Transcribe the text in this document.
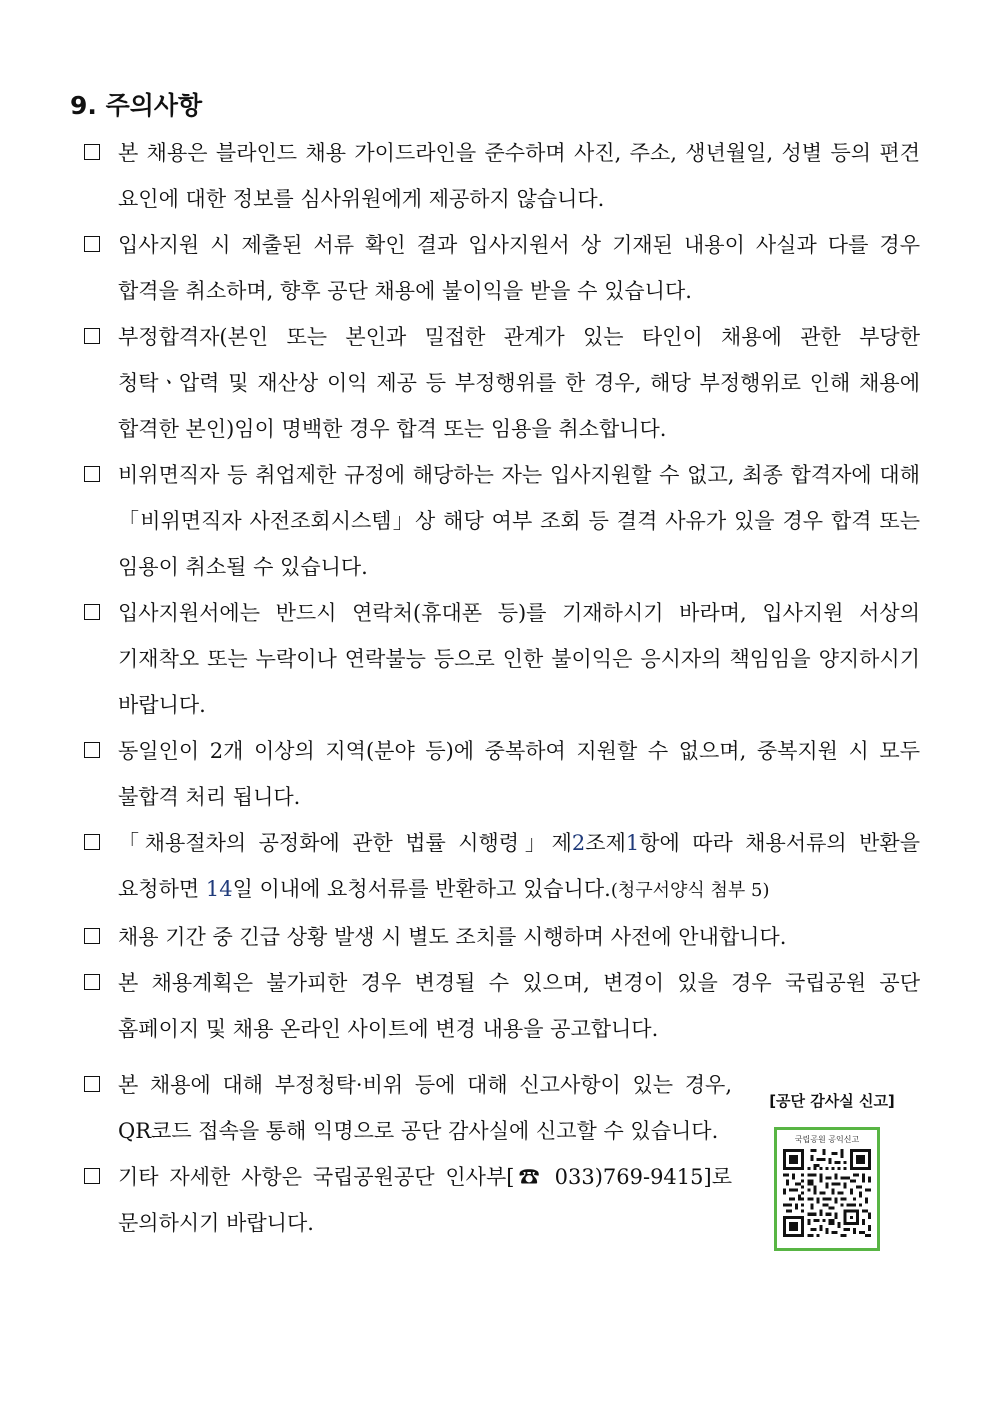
9. 주의사항
본 채용은 블라인드 채용 가이드라인을 준수하며 사진, 주소, 생년월일, 성별 등의 편견 요인에 대한 정보를 심사위원에게 제공하지 않습니다.
입사지원 시 제출된 서류 확인 결과 입사지원서 상 기재된 내용이 사실과 다를 경우 합격을 취소하며, 향후 공단 채용에 불이익을 받을 수 있습니다.
부정합격자(본인 또는 본인과 밀접한 관계가 있는 타인이 채용에 관한 부당한 청탁ㆍ압력 및 재산상 이익 제공 등 부정행위를 한 경우, 해당 부정행위로 인해 채용에 합격한 본인)임이 명백한 경우 합격 또는 임용을 취소합니다.
비위면직자 등 취업제한 규정에 해당하는 자는 입사지원할 수 없고, 최종 합격자에 대해「비위면직자 사전조회시스템」상 해당 여부 조회 등 결격 사유가 있을 경우 합격 또는 임용이 취소될 수 있습니다.
입사지원서에는 반드시 연락처(휴대폰 등)를 기재하시기 바라며, 입사지원 서상의 기재착오 또는 누락이나 연락불능 등으로 인한 불이익은 응시자의 책임임을 양지하시기 바랍니다.
동일인이 2개 이상의 지역(분야 등)에 중복하여 지원할 수 없으며, 중복지원 시 모두 불합격 처리 됩니다.
「채용절차의 공정화에 관한 법률 시행령」제2조제1항에 따라 채용서류의 반환을 요청하면 14일 이내에 요청서류를 반환하고 있습니다.(청구서양식 첨부 5)
채용 기간 중 긴급 상황 발생 시 별도 조치를 시행하며 사전에 안내합니다.
본 채용계획은 불가피한 경우 변경될 수 있으며, 변경이 있을 경우 국립공원 공단 홈페이지 및 채용 온라인 사이트에 변경 내용을 공고합니다.
본 채용에 대해 부정청탁·비위 등에 대해 신고사항이 있는 경우, QR코드 접속을 통해 익명으로 공단 감사실에 신고할 수 있습니다.
기타 자세한 사항은 국립공원공단 인사부[☎ 033)769-9415]로 문의하시기 바랍니다.
[공단 감사실 신고]
국립공원 공익신고
